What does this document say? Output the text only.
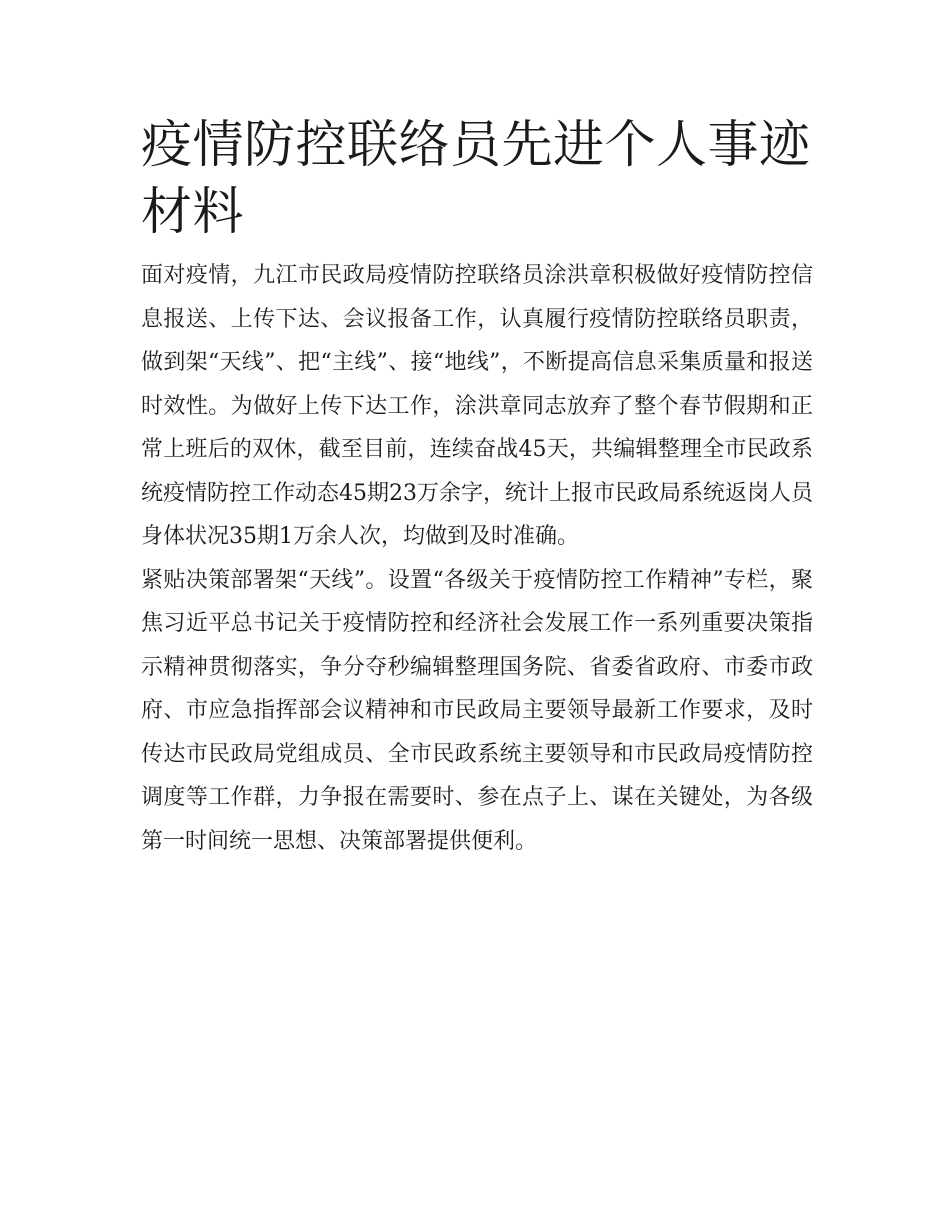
疫情防控联络员先进个人事迹材料

面对疫情，九江市民政局疫情防控联络员涂洪章积极做好疫情防控信息报送、上传下达、会议报备工作，认真履行疫情防控联络员职责，做到架“天线”、把“主线”、接“地线”，不断提高信息采集质量和报送时效性。为做好上传下达工作，涂洪章同志放弃了整个春节假期和正常上班后的双休，截至目前，连续奋战45天，共编辑整理全市民政系统疫情防控工作动态45期23万余字，统计上报市民政局系统返岗人员身体状况35期1万余人次，均做到及时准确。

紧贴决策部署架“天线”。设置“各级关于疫情防控工作精神”专栏，聚焦习近平总书记关于疫情防控和经济社会发展工作一系列重要决策指示精神贯彻落实，争分夺秒编辑整理国务院、省委省政府、市委市政府、市应急指挥部会议精神和市民政局主要领导最新工作要求，及时传达市民政局党组成员、全市民政系统主要领导和市民政局疫情防控调度等工作群，力争报在需要时、参在点子上、谋在关键处，为各级第一时间统一思想、决策部署提供便利。
